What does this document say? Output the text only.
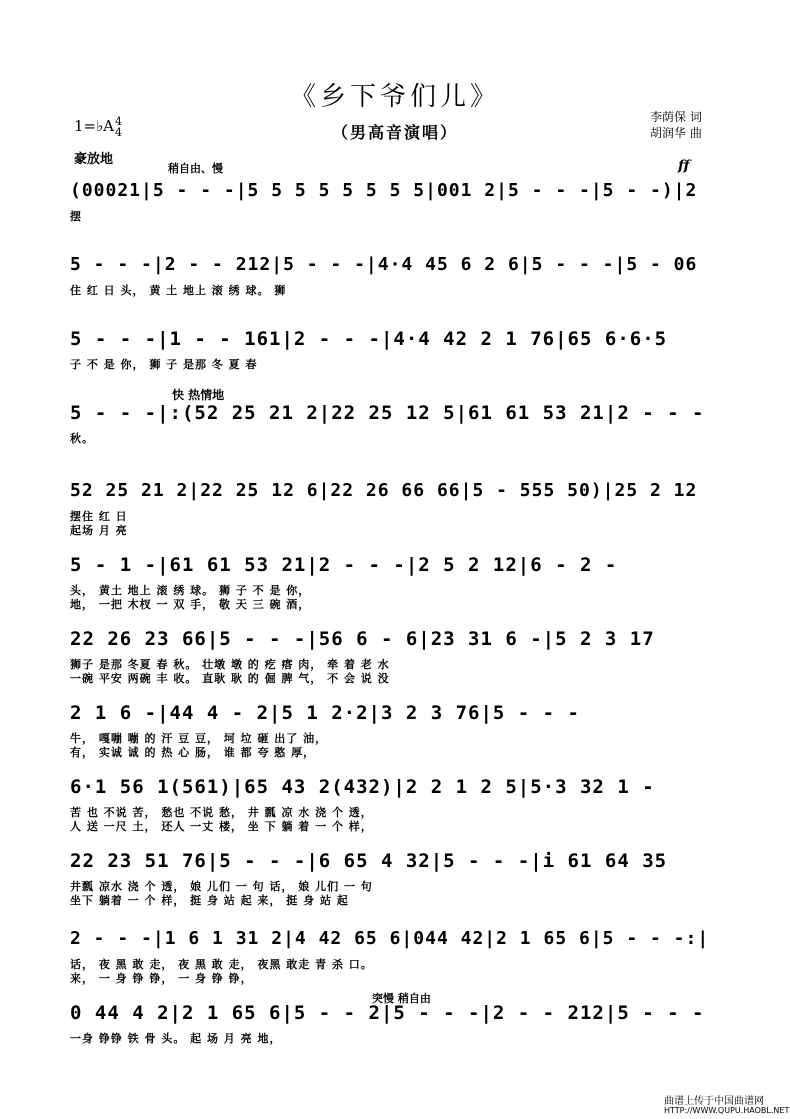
《乡下爷们儿》
（男高音演唱）
李荫保 词
胡润华 曲
1=♭A4
4
豪放地
稍自由、慢	ff
快 热情地
突慢 稍自由
(00021|5 - - -|5 5 5 5 5 5 5 5|001 2|5 - - -|5 - -)|2
摆
5 - - -|2 - - 212|5 - - -|4·4 45 6 2 6|5 - - -|5 - 06
住 红 日 头， 黄 土 地上 滚 绣 球。 狮
5 - - -|1 - - 161|2 - - -|4·4 42 2 1 76|65 6·6·5
子 不 是 你， 狮 子 是那 冬 夏 春
5 - - -|:(52 25 21 2|22 25 12 5|61 61 53 21|2 - - -
秋。
52 25 21 2|22 25 12 6|22 26 66 66|5 - 555 50)|25 2 12
摆住 红 日
起场 月 亮
5 - 1 -|61 61 53 21|2 - - -|2 5 2 12|6 - 2 -
头， 黄土 地上 滚 绣 球。 狮 子 不 是 你，
地， 一把 木杈 一 双 手， 敬 天 三 碗 酒，
22 26 23 66|5 - - -|56 6 - 6|23 31 6 -|5 2 3 17
狮子 是那 冬夏 春 秋。 壮墩 墩 的 疙 瘩 肉， 牵 着 老 水
一碗 平安 两碗 丰 收。 直耿 耿 的 倔 脾 气， 不 会 说 没
2 1 6 -|44 4 - 2|5 1 2·2|3 2 3 76|5 - - -
牛， 嘎嘣 嘣 的 汗 豆 豆， 坷 垃 砸 出了 油，
有， 实诚 诚 的 热 心 肠， 谁 都 夸 憨 厚，
6·1 56 1(561)|65 43 2(432)|2 2 1 2 5|5·3 32 1 -
苦 也 不说 苦， 愁也 不说 愁， 井 瓢 凉 水 浇 个 透，
人 送 一尺 土， 还人 一丈 楼， 坐 下 躺 着 一 个 样，
22 23 51 76|5 - - -|6 65 4 32|5 - - -|i 61 64 35
井瓢 凉水 浇 个 透， 娘 儿们 一 句 话， 娘 儿们 一 句
坐下 躺着 一 个 样， 挺 身 站 起 来， 挺 身 站 起
2 - - -|1 6 1 31 2|4 42 65 6|044 42|2 1 65 6|5 - - -:|
话， 夜 黑 敢 走， 夜 黑 敢 走， 夜黑 敢走 青 杀 口。
来， 一 身 铮 铮， 一 身 铮 铮，
0 44 4 2|2 1 65 6|5 - - 2|5 - - -|2 - - 212|5 - - -
一身 铮铮 铁 骨 头。 起 场 月 亮 地，
曲谱上传于中国曲谱网
HTTP://WWW.QUPU.HAOBL.NET
